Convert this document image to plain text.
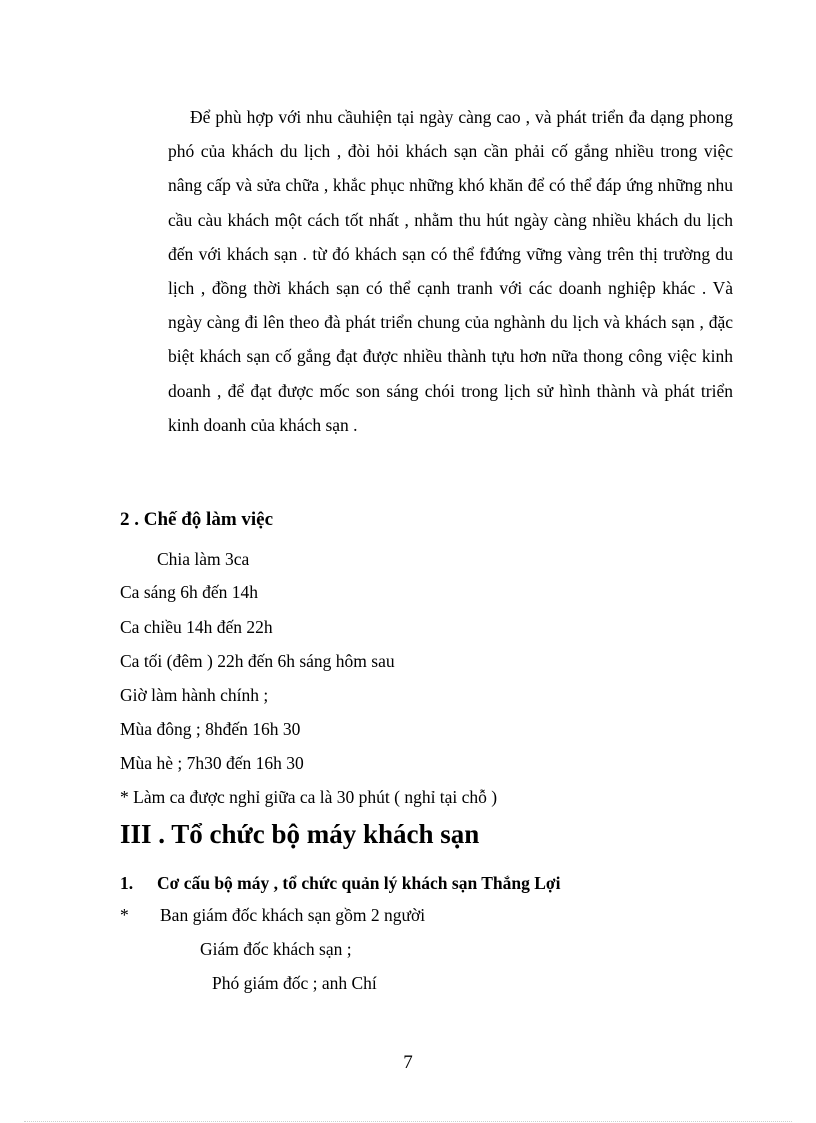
Để phù hợp với nhu cầuhiện tại ngày càng cao , và phát triển đa dạng phong phó của khách du lịch , đòi hỏi khách sạn cần phải cố gắng nhiều trong việc nâng cấp và sửa chữa , khắc phục những khó khăn để có thể đáp ứng những nhu cầu càu khách một cách tốt nhất , nhằm thu hút ngày càng nhiều khách du lịch đến với khách sạn . từ đó khách sạn có thể fđứng vững vàng trên thị trường du lịch , đồng thời khách sạn có thể cạnh tranh với các doanh nghiệp khác . Và ngày càng đi lên theo đà phát triển chung của nghành du lịch và khách sạn , đặc biệt khách sạn cố gắng đạt được nhiều thành tựu hơn nữa thong công việc kinh doanh , để đạt được mốc son sáng chói trong lịch sử hình thành và phát triển kinh doanh của khách sạn .

2 . Chế độ làm việc

Chia làm 3ca

Ca sáng 6h đến 14h

Ca chiều 14h đến 22h

Ca tối (đêm ) 22h đến 6h sáng hôm sau

Giờ làm hành chính ;

Mùa đông ; 8hđến 16h 30

Mùa hè ; 7h30 đến 16h 30

* Làm ca được nghỉ giữa ca là 30 phút ( nghỉ tại chỗ )

III . Tổ chức bộ máy khách sạn
1. Cơ cấu bộ máy , tổ chức quản lý khách sạn Thắng Lợi
* Ban giám đốc khách sạn gồm 2 người

Giám đốc khách sạn ;

Phó giám đốc ; anh Chí

7
